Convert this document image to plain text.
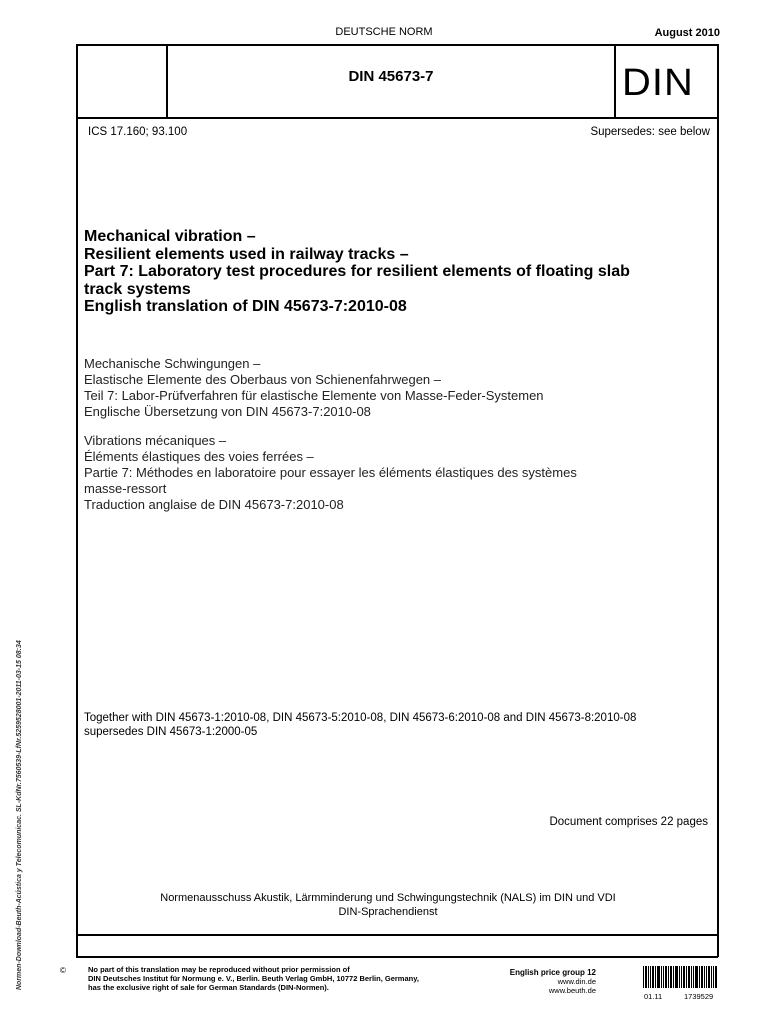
DEUTSCHE NORM	August 2010
DIN 45673-7	DIN
ICS 17.160; 93.100	Supersedes: see below
Mechanical vibration –
Resilient elements used in railway tracks –
Part 7: Laboratory test procedures for resilient elements of floating slab
track systems
English translation of DIN 45673-7:2010-08
Mechanische Schwingungen –
Elastische Elemente des Oberbaus von Schienenfahrwegen –
Teil 7: Labor-Prüfverfahren für elastische Elemente von Masse-Feder-Systemen
Englische Übersetzung von DIN 45673-7:2010-08
Vibrations mécaniques –
Éléments élastiques des voies ferrées –
Partie 7: Méthodes en laboratoire pour essayer les éléments élastiques des systèmes
masse-ressort
Traduction anglaise de DIN 45673-7:2010-08
Together with DIN 45673-1:2010-08, DIN 45673-5:2010-08, DIN 45673-6:2010-08 and DIN 45673-8:2010-08
supersedes DIN 45673-1:2000-05
Document comprises 22 pages
Normenausschuss Akustik, Lärmminderung und Schwingungstechnik (NALS) im DIN und VDI
DIN-Sprachendienst
©	No part of this translation may be reproduced without prior permission of
DIN Deutsches Institut für Normung e. V., Berlin. Beuth Verlag GmbH, 10772 Berlin, Germany,
has the exclusive right of sale for German Standards (DIN-Normen).
English price group 12
www.din.de
www.beuth.de
01.11	1739529
Normen-Download-Beuth-Acústica y Telecomunicac. SL-KdNr.7560539-LfNr.5259528001-2011-03-15 08:34
